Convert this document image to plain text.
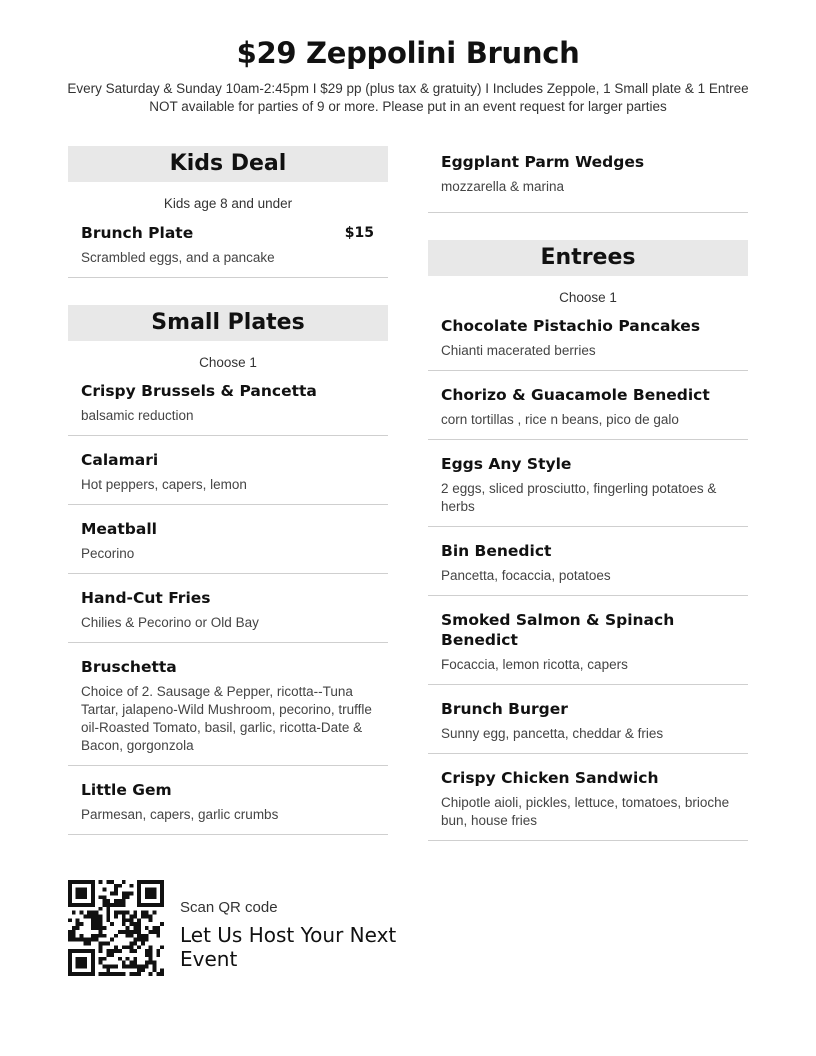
$29 Zeppolini Brunch
Every Saturday & Sunday 10am-2:45pm I $29 pp (plus tax & gratuity) I Includes Zeppole, 1 Small plate & 1 Entree NOT available for parties of 9 or more. Please put in an event request for larger parties
Kids Deal
Kids age 8 and under
Brunch Plate	$15
Scrambled eggs, and a pancake
Small Plates
Choose 1
Crispy Brussels & Pancetta
balsamic reduction
Calamari
Hot peppers, capers, lemon
Meatball
Pecorino
Hand-Cut Fries
Chilies & Pecorino or Old Bay
Bruschetta
Choice of 2. Sausage & Pepper, ricotta--Tuna Tartar, jalapeno-Wild Mushroom, pecorino, truffle oil-Roasted Tomato, basil, garlic, ricotta-Date & Bacon, gorgonzola
Little Gem
Parmesan, capers, garlic crumbs
Eggplant Parm Wedges
mozzarella & marina
Entrees
Choose 1
Chocolate Pistachio Pancakes
Chianti macerated berries
Chorizo & Guacamole Benedict
corn tortillas , rice n beans, pico de galo
Eggs Any Style
2 eggs, sliced prosciutto, fingerling potatoes & herbs
Bin Benedict
Pancetta, focaccia, potatoes
Smoked Salmon & Spinach Benedict
Focaccia, lemon ricotta, capers
Brunch Burger
Sunny egg, pancetta, cheddar & fries
Crispy Chicken Sandwich
Chipotle aioli, pickles, lettuce, tomatoes, brioche bun, house fries
Scan QR code
Let Us Host Your Next Event
